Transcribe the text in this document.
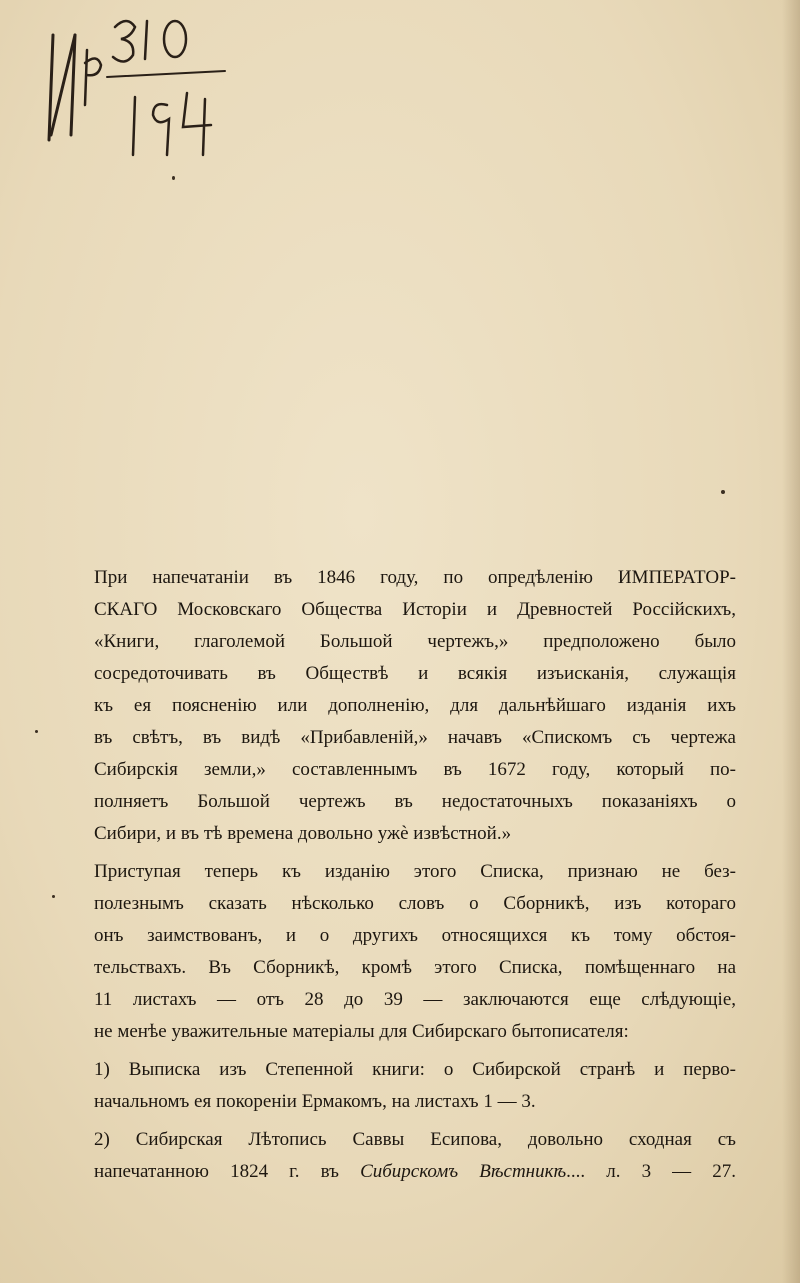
При напечатаніи въ 1846 году, по опредѣленію ИМПЕРАТОР-
СКАГО Московскаго Общества Исторіи и Древностей Россійскихъ,
«Книги, глаголемой Большой чертежъ,» предположено было
сосредоточивать въ Обществѣ и всякія изъисканія, служащія
къ ея поясненію или дополненію, для дальнѣйшаго изданія ихъ
въ свѣтъ, въ видѣ «Прибавленій,» начавъ «Спискомъ съ чертежа
Сибирскія земли,» составленнымъ въ 1672 году, который по-
полняетъ Большой чертежъ въ недостаточныхъ показаніяхъ о
Сибири, и въ тѣ времена довольно ужѐ извѣстной.»
Приступая теперь къ изданію этого Списка, признаю не без-
полезнымъ сказать нѣсколько словъ о Сборникѣ, изъ котораго
онъ заимствованъ, и о другихъ относящихся къ тому обстоя-
тельствахъ. Въ Сборникѣ, кромѣ этого Списка, помѣщеннаго на
11 листахъ — отъ 28 до 39 — заключаются еще слѣдующіе,
не менѣе уважительные матеріалы для Сибирскаго бытописателя:
1) Выписка изъ Степенной книги: о Сибирской странѣ и перво-
начальномъ ея покореніи Ермакомъ, на листахъ 1 — 3.
2) Сибирская Лѣтопись Саввы Есипова, довольно сходная съ
напечатанною 1824 г. въ Сибирскомъ Вѣстникѣ.... л. 3 — 27.
